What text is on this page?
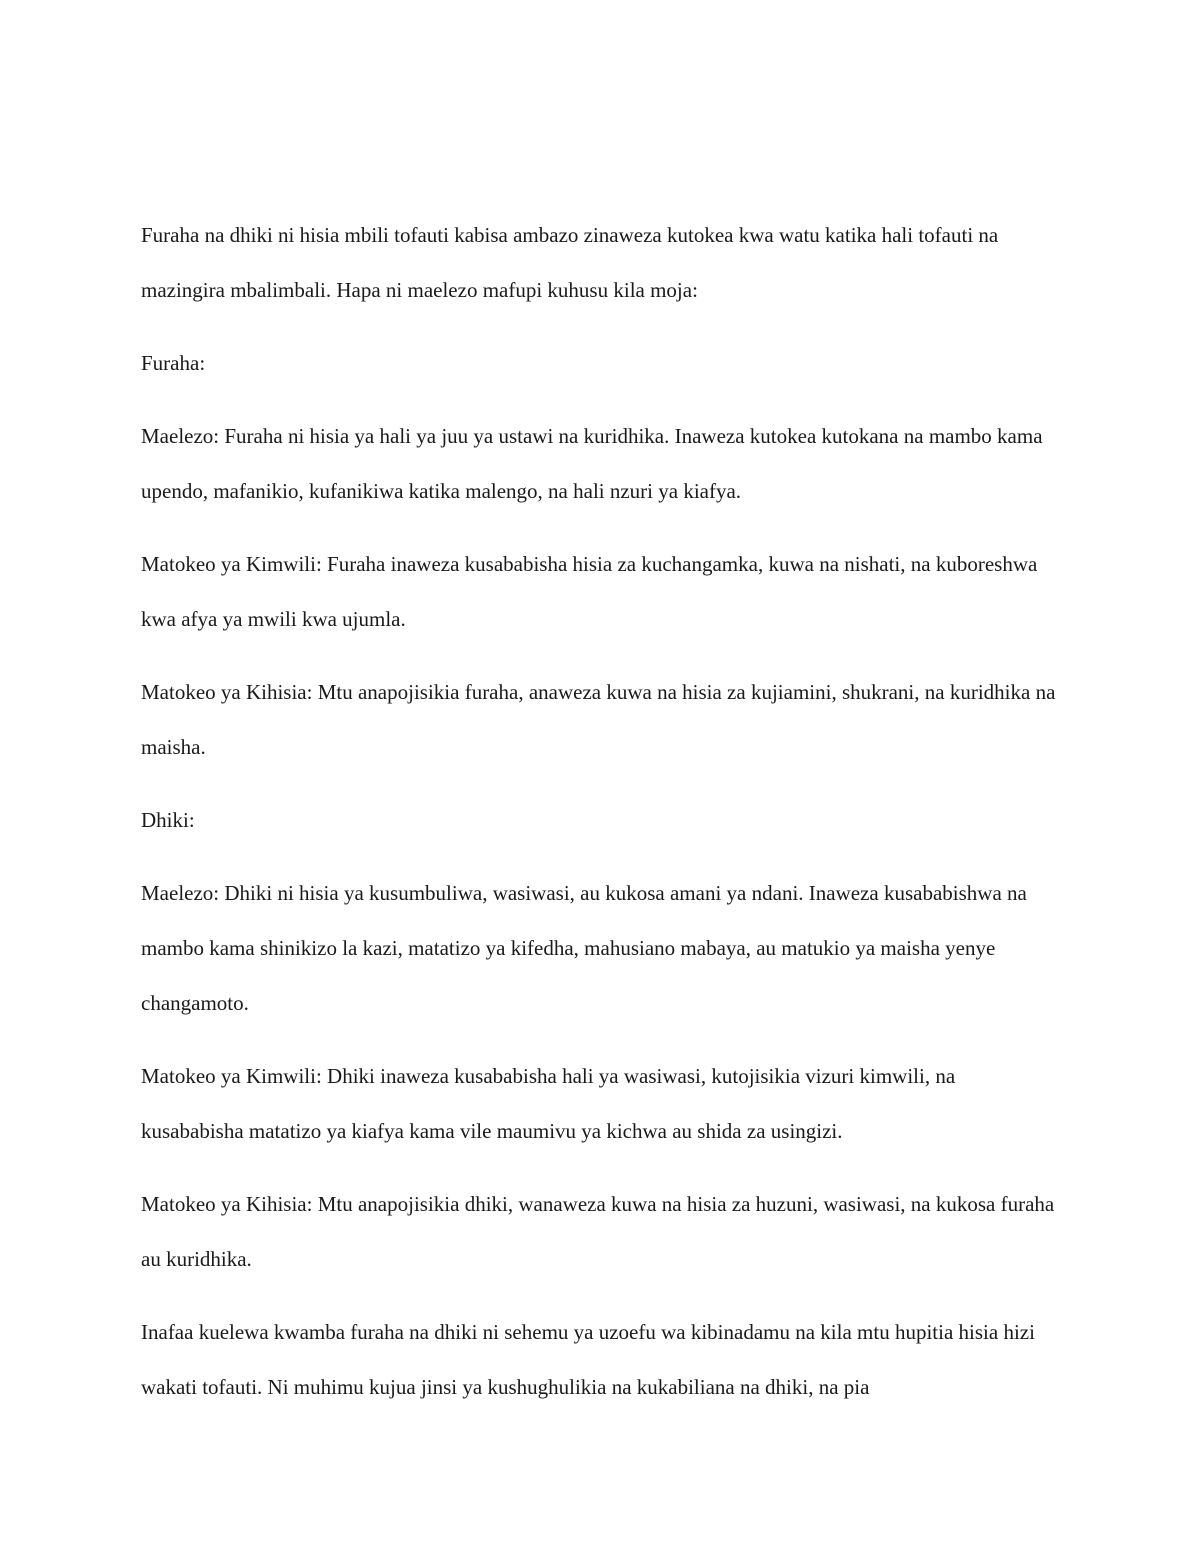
Furaha na dhiki ni hisia mbili tofauti kabisa ambazo zinaweza kutokea kwa watu katika hali tofauti na mazingira mbalimbali. Hapa ni maelezo mafupi kuhusu kila moja:

Furaha:

Maelezo: Furaha ni hisia ya hali ya juu ya ustawi na kuridhika. Inaweza kutokea kutokana na mambo kama upendo, mafanikio, kufanikiwa katika malengo, na hali nzuri ya kiafya.

Matokeo ya Kimwili: Furaha inaweza kusababisha hisia za kuchangamka, kuwa na nishati, na kuboreshwa kwa afya ya mwili kwa ujumla.

Matokeo ya Kihisia: Mtu anapojisikia furaha, anaweza kuwa na hisia za kujiamini, shukrani, na kuridhika na maisha.

Dhiki:

Maelezo: Dhiki ni hisia ya kusumbuliwa, wasiwasi, au kukosa amani ya ndani. Inaweza kusababishwa na mambo kama shinikizo la kazi, matatizo ya kifedha, mahusiano mabaya, au matukio ya maisha yenye changamoto.

Matokeo ya Kimwili: Dhiki inaweza kusababisha hali ya wasiwasi, kutojisikia vizuri kimwili, na kusababisha matatizo ya kiafya kama vile maumivu ya kichwa au shida za usingizi.

Matokeo ya Kihisia: Mtu anapojisikia dhiki, wanaweza kuwa na hisia za huzuni, wasiwasi, na kukosa furaha au kuridhika.

Inafaa kuelewa kwamba furaha na dhiki ni sehemu ya uzoefu wa kibinadamu na kila mtu hupitia hisia hizi wakati tofauti. Ni muhimu kujua jinsi ya kushughulikia na kukabiliana na dhiki, na pia
